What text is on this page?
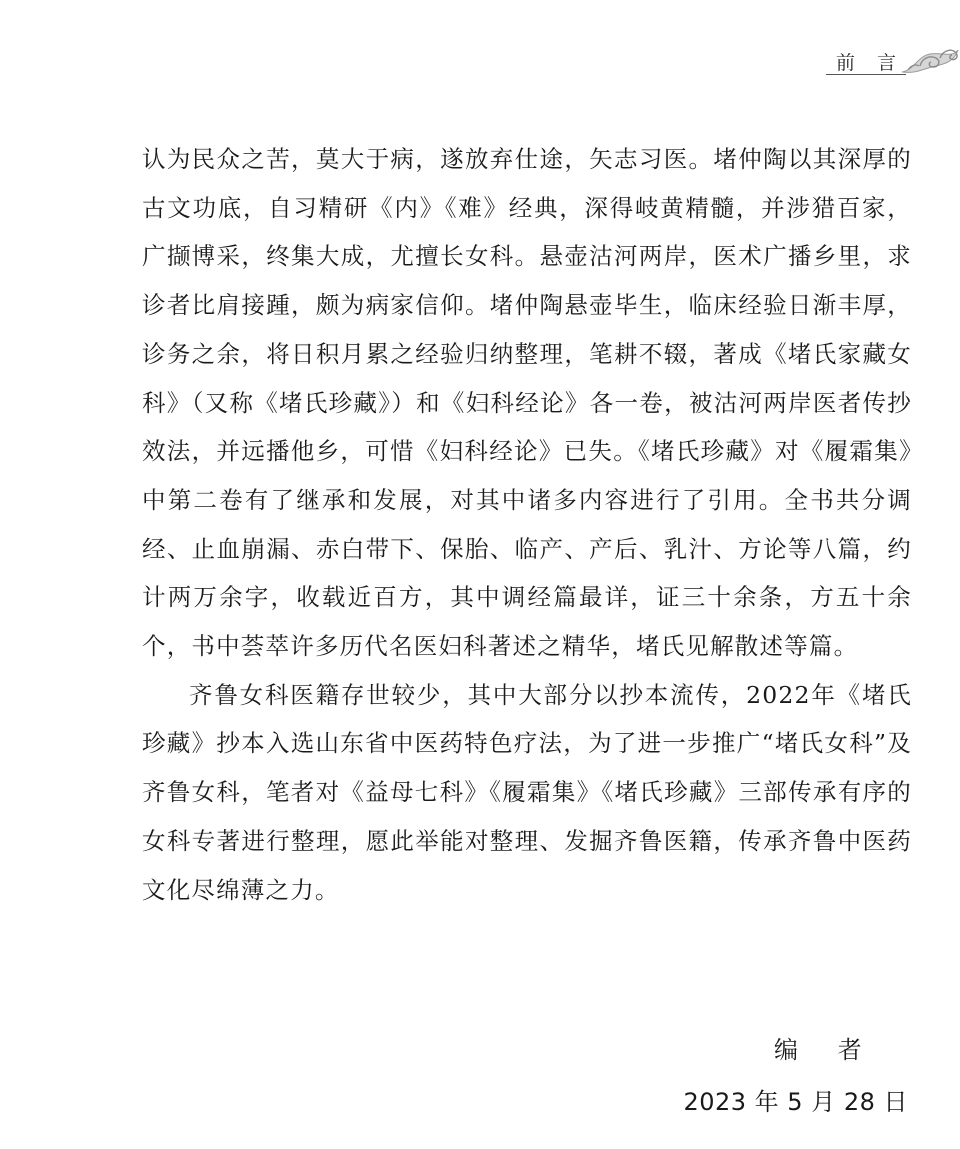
前 言

认为民众之苦，莫大于病，遂放弃仕途，矢志习医。堵仲陶以其深厚的古文功底，自习精研《内》《难》经典，深得岐黄精髓，并涉猎百家，广撷博采，终集大成，尤擅长女科。悬壶沽河两岸，医术广播乡里，求诊者比肩接踵，颇为病家信仰。堵仲陶悬壶毕生，临床经验日渐丰厚，诊务之余，将日积月累之经验归纳整理，笔耕不辍，著成《堵氏家藏女科》（又称《堵氏珍藏》）和《妇科经论》各一卷，被沽河两岸医者传抄效法，并远播他乡，可惜《妇科经论》已失。《堵氏珍藏》对《履霜集》中第二卷有了继承和发展，对其中诸多内容进行了引用。全书共分调经、止血崩漏、赤白带下、保胎、临产、产后、乳汁、方论等八篇，约计两万余字，收载近百方，其中调经篇最详，证三十余条，方五十余个，书中荟萃许多历代名医妇科著述之精华，堵氏见解散述等篇。

齐鲁女科医籍存世较少，其中大部分以抄本流传，2022年《堵氏珍藏》抄本入选山东省中医药特色疗法，为了进一步推广“堵氏女科”及齐鲁女科，笔者对《益母七科》《履霜集》《堵氏珍藏》三部传承有序的女科专著进行整理，愿此举能对整理、发掘齐鲁医籍，传承齐鲁中医药文化尽绵薄之力。

编 者
2023 年 5 月 28 日
